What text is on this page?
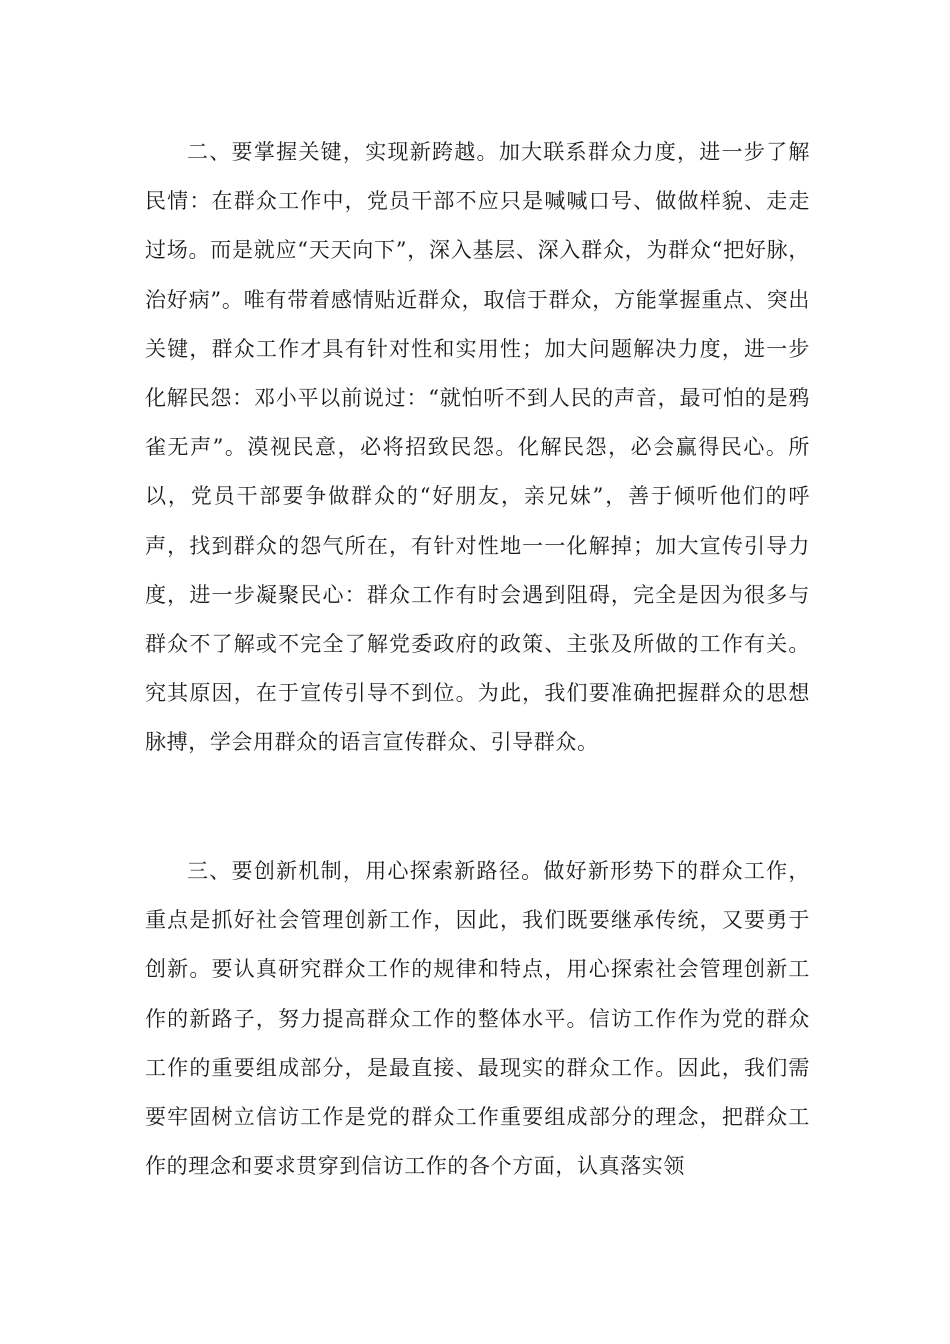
二、要掌握关键，实现新跨越。加大联系群众力度，进一步了解民情：在群众工作中，党员干部不应只是喊喊口号、做做样貌、走走过场。而是就应“天天向下”，深入基层、深入群众，为群众“把好脉，治好病”。唯有带着感情贴近群众，取信于群众，方能掌握重点、突出关键，群众工作才具有针对性和实用性；加大问题解决力度，进一步化解民怨：邓小平以前说过：“就怕听不到人民的声音，最可怕的是鸦雀无声”。漠视民意，必将招致民怨。化解民怨，必会赢得民心。所以，党员干部要争做群众的“好朋友，亲兄妹”，善于倾听他们的呼声，找到群众的怨气所在，有针对性地一一化解掉；加大宣传引导力度，进一步凝聚民心：群众工作有时会遇到阻碍，完全是因为很多与群众不了解或不完全了解党委政府的政策、主张及所做的工作有关。究其原因，在于宣传引导不到位。为此，我们要准确把握群众的思想脉搏，学会用群众的语言宣传群众、引导群众。

三、要创新机制，用心探索新路径。做好新形势下的群众工作，重点是抓好社会管理创新工作，因此，我们既要继承传统，又要勇于创新。要认真研究群众工作的规律和特点，用心探索社会管理创新工作的新路子，努力提高群众工作的整体水平。信访工作作为党的群众工作的重要组成部分，是最直接、最现实的群众工作。因此，我们需要牢固树立信访工作是党的群众工作重要组成部分的理念，把群众工作的理念和要求贯穿到信访工作的各个方面，认真落实领
